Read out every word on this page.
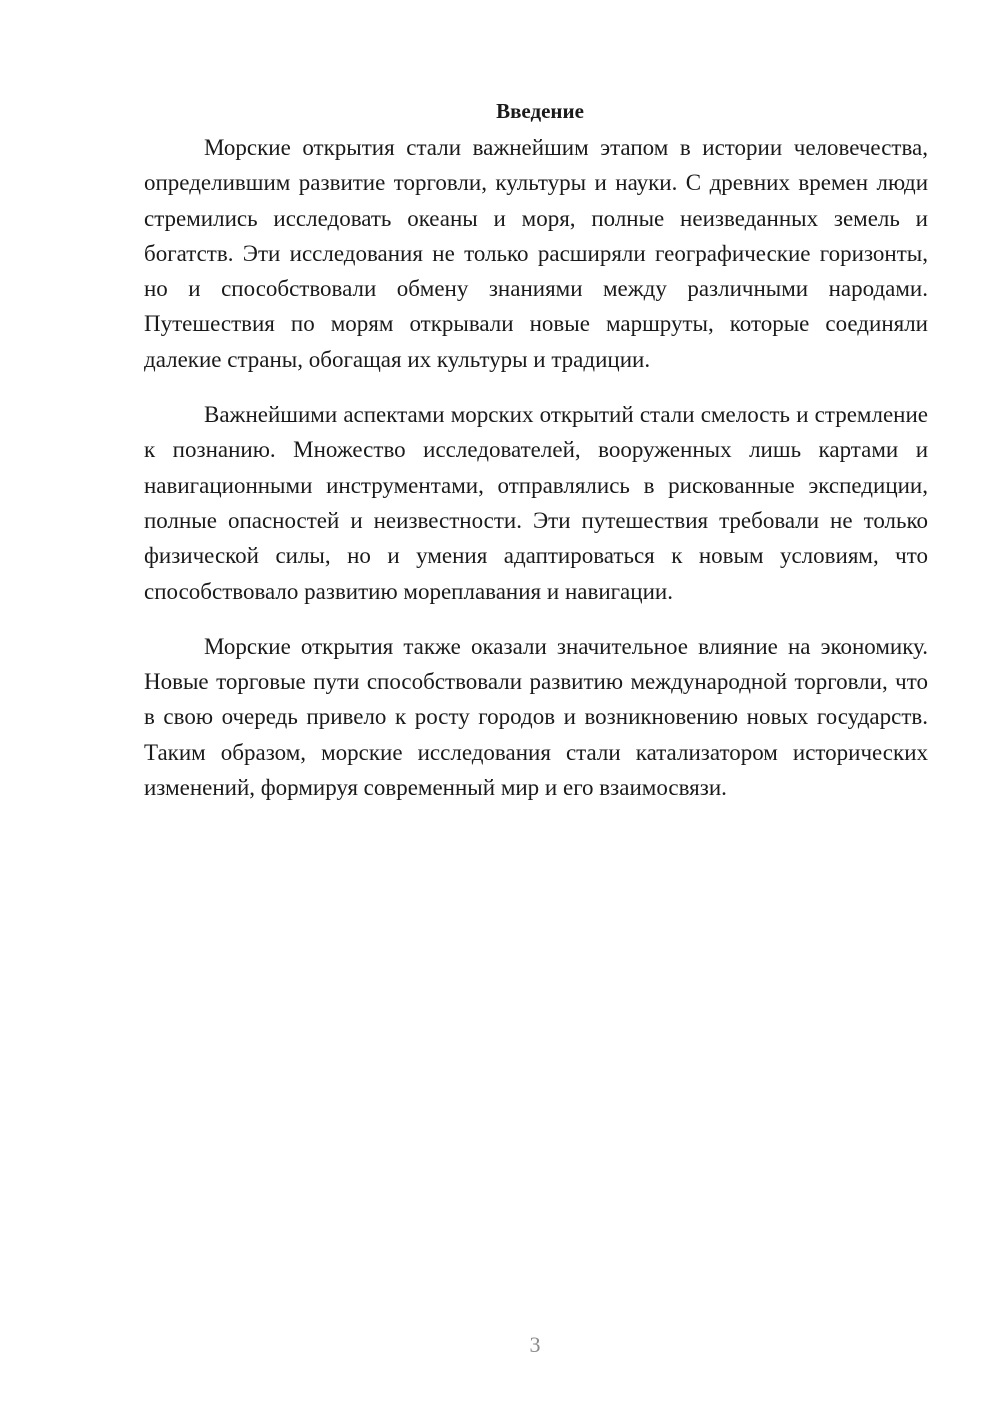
Введение

Морские открытия стали важнейшим этапом в истории человечества, определившим развитие торговли, культуры и науки. С древних времен люди стремились исследовать океаны и моря, полные неизведанных земель и богатств. Эти исследования не только расширяли географические горизонты, но и способствовали обмену знаниями между различными народами. Путешествия по морям открывали новые маршруты, которые соединяли далекие страны, обогащая их культуры и традиции.

Важнейшими аспектами морских открытий стали смелость и стремление к познанию. Множество исследователей, вооруженных лишь картами и навигационными инструментами, отправлялись в рискованные экспедиции, полные опасностей и неизвестности. Эти путешествия требовали не только физической силы, но и умения адаптироваться к новым условиям, что способствовало развитию мореплавания и навигации.

Морские открытия также оказали значительное влияние на экономику. Новые торговые пути способствовали развитию международной торговли, что в свою очередь привело к росту городов и возникновению новых государств. Таким образом, морские исследования стали катализатором исторических изменений, формируя современный мир и его взаимосвязи.

3
